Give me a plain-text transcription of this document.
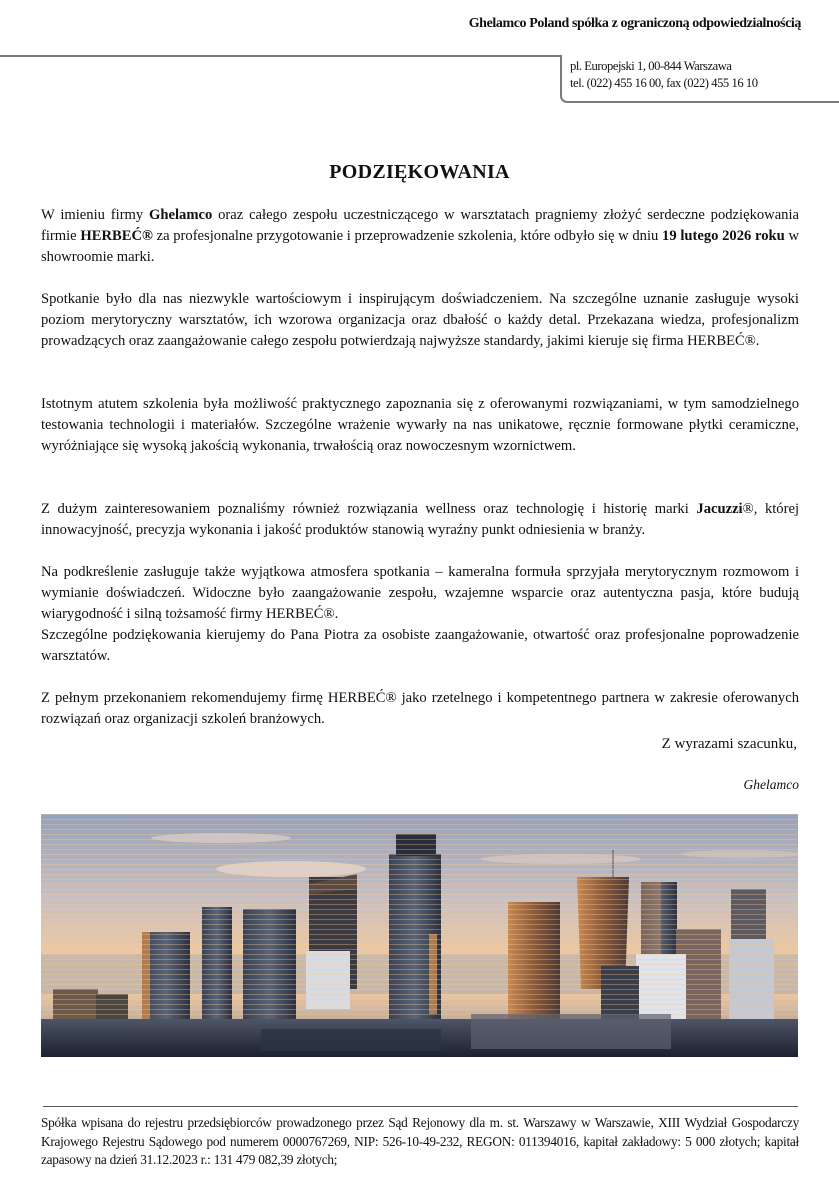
Ghelamco Poland spółka z ograniczoną odpowiedzialnością
pl. Europejski 1, 00-844 Warszawa
tel. (022) 455 16 00, fax (022) 455 16 10
PODZIĘKOWANIA

W imieniu firmy Ghelamco oraz całego zespołu uczestniczącego w warsztatach pragniemy złożyć serdeczne podziękowania firmie HERBEĆ® za profesjonalne przygotowanie i przeprowadzenie szkolenia, które odbyło się w dniu 19 lutego 2026 roku w showroomie marki.

Spotkanie było dla nas niezwykle wartościowym i inspirującym doświadczeniem. Na szczególne uznanie zasługuje wysoki poziom merytoryczny warsztatów, ich wzorowa organizacja oraz dbałość o każdy detal. Przekazana wiedza, profesjonalizm prowadzących oraz zaangażowanie całego zespołu potwierdzają najwyższe standardy, jakimi kieruje się firma HERBEĆ®.

Istotnym atutem szkolenia była możliwość praktycznego zapoznania się z oferowanymi rozwiązaniami, w tym samodzielnego testowania technologii i materiałów. Szczególne wrażenie wywarły na nas unikatowe, ręcznie formowane płytki ceramiczne, wyróżniające się wysoką jakością wykonania, trwałością oraz nowoczesnym wzornictwem.

Z dużym zainteresowaniem poznaliśmy również rozwiązania wellness oraz technologię i historię marki Jacuzzi®, której innowacyjność, precyzja wykonania i jakość produktów stanowią wyraźny punkt odniesienia w branży.

Na podkreślenie zasługuje także wyjątkowa atmosfera spotkania – kameralna formuła sprzyjała merytorycznym rozmowom i wymianie doświadczeń. Widoczne było zaangażowanie zespołu, wzajemne wsparcie oraz autentyczna pasja, które budują wiarygodność i silną tożsamość firmy HERBEĆ®.

Szczególne podziękowania kierujemy do Pana Piotra za osobiste zaangażowanie, otwartość oraz profesjonalne poprowadzenie warsztatów.

Z pełnym przekonaniem rekomendujemy firmę HERBEĆ® jako rzetelnego i kompetentnego partnera w zakresie oferowanych rozwiązań oraz organizacji szkoleń branżowych.

Z wyrazami szacunku,
Ghelamco
Spółka wpisana do rejestru przedsiębiorców prowadzonego przez Sąd Rejonowy dla m. st. Warszawy w Warszawie, XIII Wydział Gospodarczy Krajowego Rejestru Sądowego pod numerem 0000767269, NIP: 526-10-49-232, REGON: 011394016, kapitał zakładowy: 5 000 złotych; kapitał zapasowy na dzień 31.12.2023 r.: 131 479 082,39 złotych;
